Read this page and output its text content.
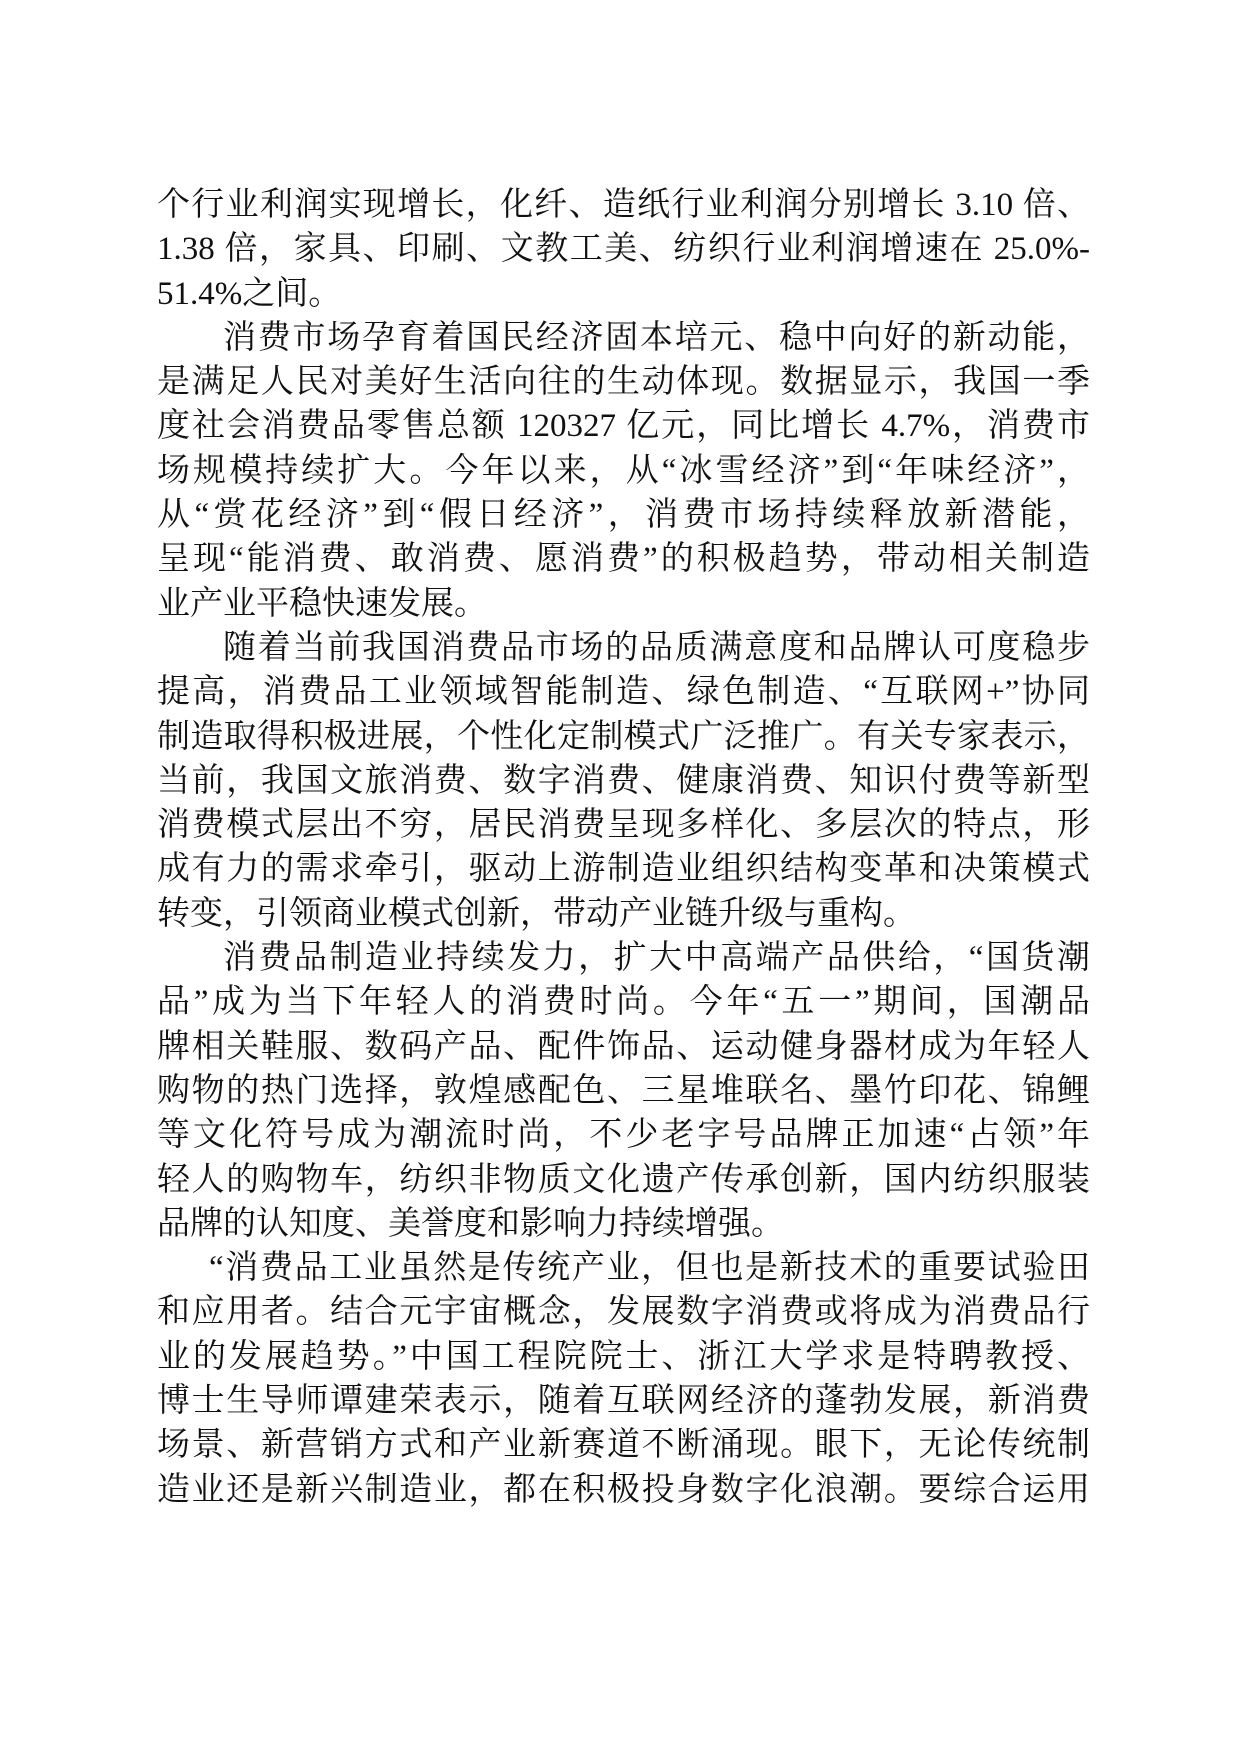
个行业利润实现增长，化纤、造纸行业利润分别增长 3.10 倍、
1.38 倍，家具、印刷、文教工美、纺织行业利润增速在 25.0%-
51.4%之间。
消费市场孕育着国民经济固本培元、稳中向好的新动能，
是满足人民对美好生活向往的生动体现。数据显示，我国一季
度社会消费品零售总额 120327 亿元，同比增长 4.7%，消费市
场规模持续扩大。今年以来，从“冰雪经济”到“年味经济”，
从“赏花经济”到“假日经济”，消费市场持续释放新潜能，
呈现“能消费、敢消费、愿消费”的积极趋势，带动相关制造
业产业平稳快速发展。
随着当前我国消费品市场的品质满意度和品牌认可度稳步
提高，消费品工业领域智能制造、绿色制造、“互联网+”协同
制造取得积极进展，个性化定制模式广泛推广。有关专家表示，
当前，我国文旅消费、数字消费、健康消费、知识付费等新型
消费模式层出不穷，居民消费呈现多样化、多层次的特点，形
成有力的需求牵引，驱动上游制造业组织结构变革和决策模式
转变，引领商业模式创新，带动产业链升级与重构。
消费品制造业持续发力，扩大中高端产品供给，“国货潮
品”成为当下年轻人的消费时尚。今年“五一”期间，国潮品
牌相关鞋服、数码产品、配件饰品、运动健身器材成为年轻人
购物的热门选择，敦煌感配色、三星堆联名、墨竹印花、锦鲤
等文化符号成为潮流时尚，不少老字号品牌正加速“占领”年
轻人的购物车，纺织非物质文化遗产传承创新，国内纺织服装
品牌的认知度、美誉度和影响力持续增强。
“消费品工业虽然是传统产业，但也是新技术的重要试验田
和应用者。结合元宇宙概念，发展数字消费或将成为消费品行
业的发展趋势。”中国工程院院士、浙江大学求是特聘教授、
博士生导师谭建荣表示，随着互联网经济的蓬勃发展，新消费
场景、新营销方式和产业新赛道不断涌现。眼下，无论传统制
造业还是新兴制造业，都在积极投身数字化浪潮。要综合运用
